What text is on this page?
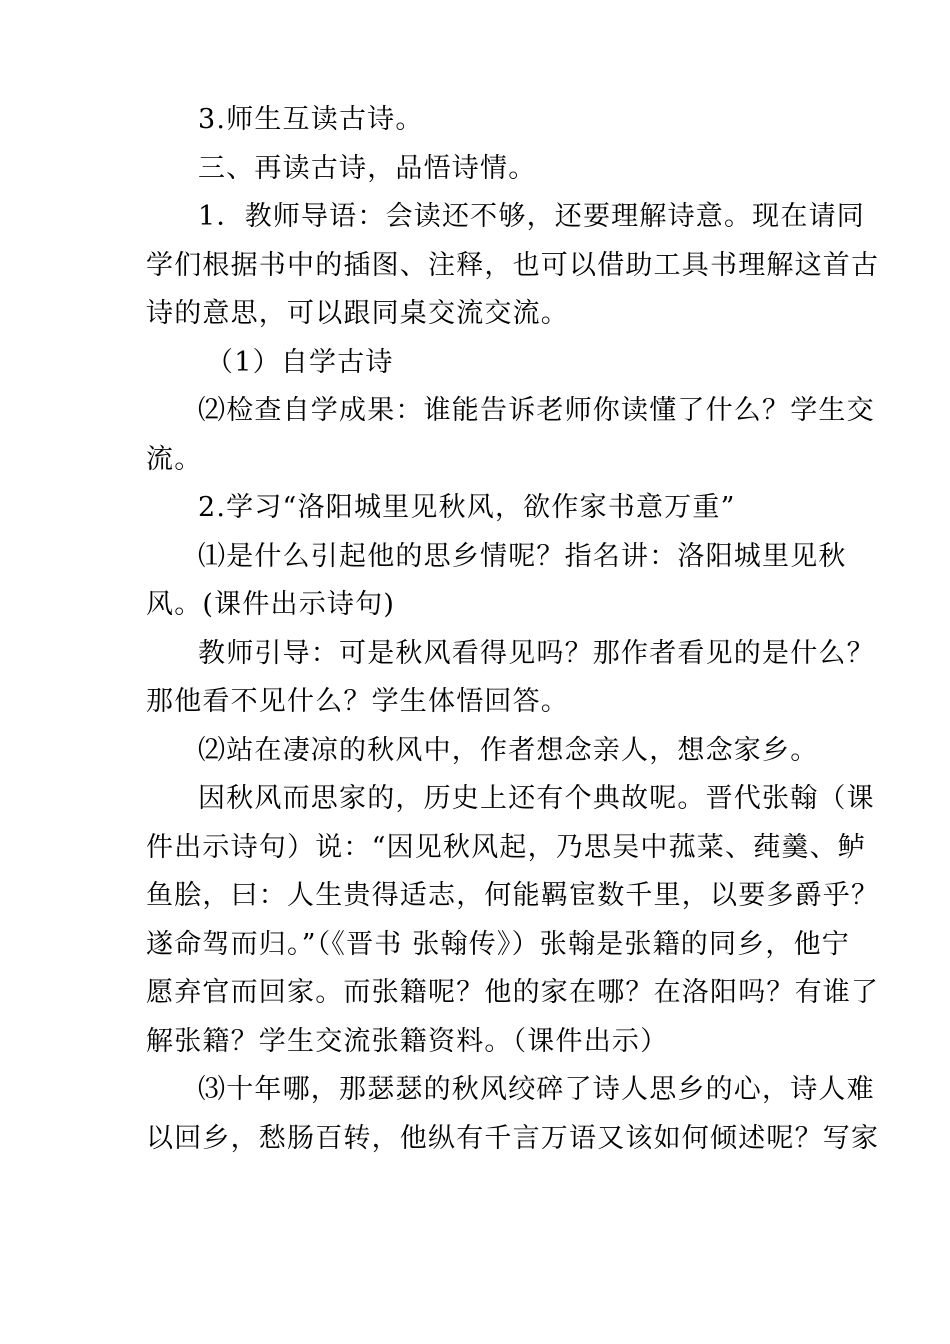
3.师生互读古诗。
三、再读古诗，品悟诗情。
1．教师导语：会读还不够，还要理解诗意。现在请同
学们根据书中的插图、注释，也可以借助工具书理解这首古
诗的意思，可以跟同桌交流交流。
（1）自学古诗
⑵检查自学成果：谁能告诉老师你读懂了什么？学生交
流。
2.学习“洛阳城里见秋风，欲作家书意万重”
⑴是什么引起他的思乡情呢？指名讲：洛阳城里见秋
风。(课件出示诗句)
教师引导：可是秋风看得见吗？那作者看见的是什么？
那他看不见什么？学生体悟回答。
⑵站在凄凉的秋风中，作者想念亲人，想念家乡。
因秋风而思家的，历史上还有个典故呢。晋代张翰（课
件出示诗句）说：“因见秋风起，乃思吴中菰菜、莼羹、鲈
鱼脍，曰：人生贵得适志，何能羁宦数千里，以要多爵乎？
遂命驾而归。”（《晋书 张翰传》）张翰是张籍的同乡，他宁
愿弃官而回家。而张籍呢？他的家在哪？在洛阳吗？有谁了
解张籍？学生交流张籍资料。（课件出示）
⑶十年哪，那瑟瑟的秋风绞碎了诗人思乡的心，诗人难
以回乡，愁肠百转，他纵有千言万语又该如何倾述呢？写家
